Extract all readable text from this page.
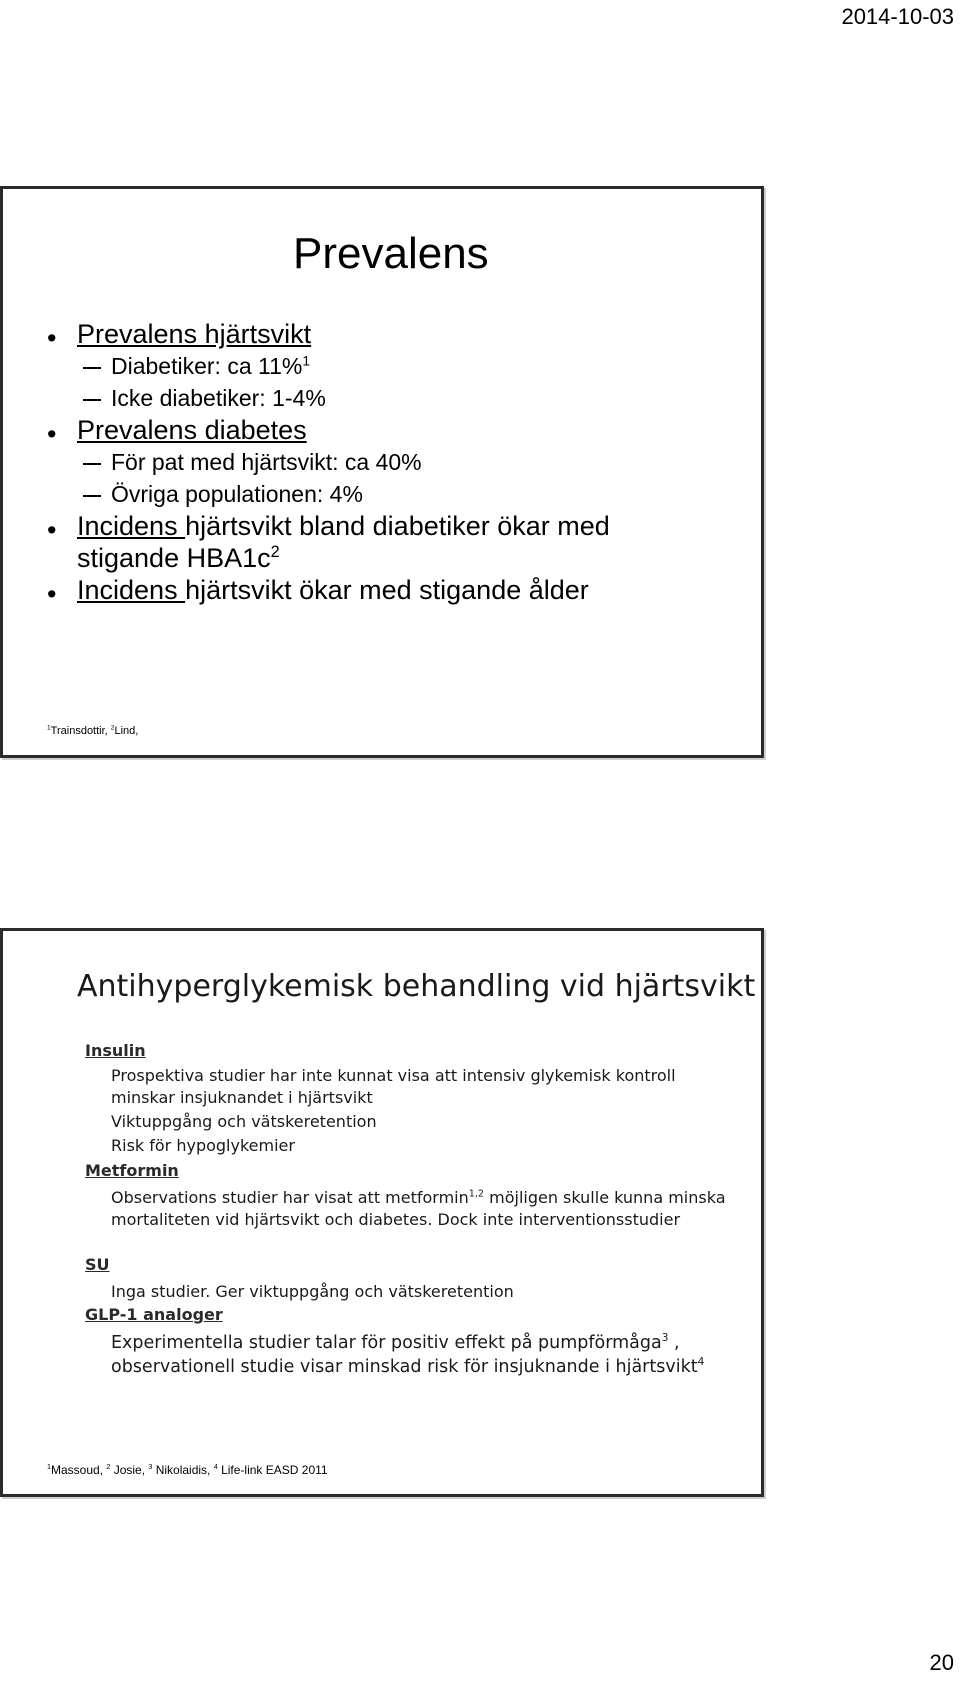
2014-10-03
Prevalens
• Prevalens hjärtsvikt
Diabetiker: ca 11%$^1$
Icke diabetiker: 1-4%
• Prevalens diabetes
För pat med hjärtsvikt: ca 40%
Övriga populationen: 4%
• Incidens hjärtsvikt bland diabetiker ökar med
stigande $HBA1c^2$
• Incidens hjärtsvikt ökar med stigande ålder
$^1$Trainsdottir, $^2$Lind,
Antihyperglykemisk behandling vid hjärtsvikt
Insulin
Prospektiva studier har inte kunnat visa att intensiv glykemisk kontroll minskar insjuknandet i hjärtsvikt
Viktuppgång och vätskeretention
Risk för hypoglykemier
Metformin
Observations studier har visat att metformin$^{1,2}$ möjligen skulle kunna minska mortaliteten vid hjärtsvikt och diabetes. Dock inte interventionsstudier
SU
Inga studier. Ger viktuppgång och vätskeretention
GLP-1 analoger
Experimentella studier talar för positiv effekt på pumpförmåga$^3$ , observationell studie visar minskad risk för insjuknande i hjärtsvikt$^4$
$^1$Massoud, $^2$ Josie, $^3$ Nikolaidis, $^4$ Life-link EASD 2011
20
